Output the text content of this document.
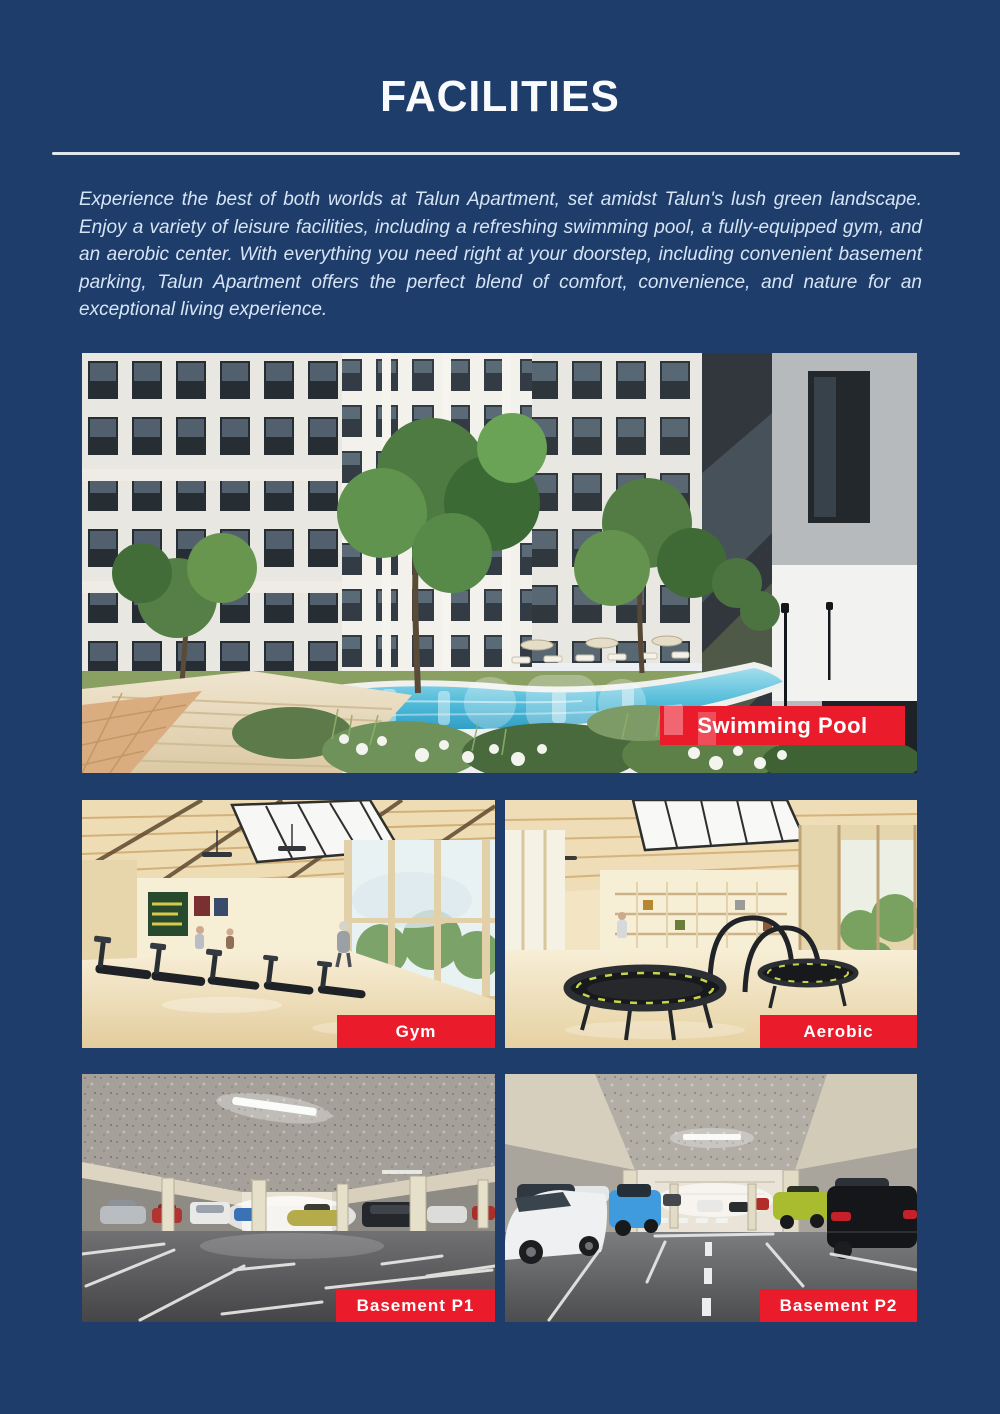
FACILITIES

Experience the best of both worlds at Talun Apartment, set amidst Talun's lush green landscape. Enjoy a variety of leisure facilities, including a refreshing swimming pool, a fully-equipped gym, and an aerobic center. With everything you need right at your doorstep, including convenient basement parking, Talun Apartment offers the perfect blend of comfort, convenience, and nature for an exceptional living experience.

Swimming Pool
Gym	Aerobic
Basement P1	Basement P2
